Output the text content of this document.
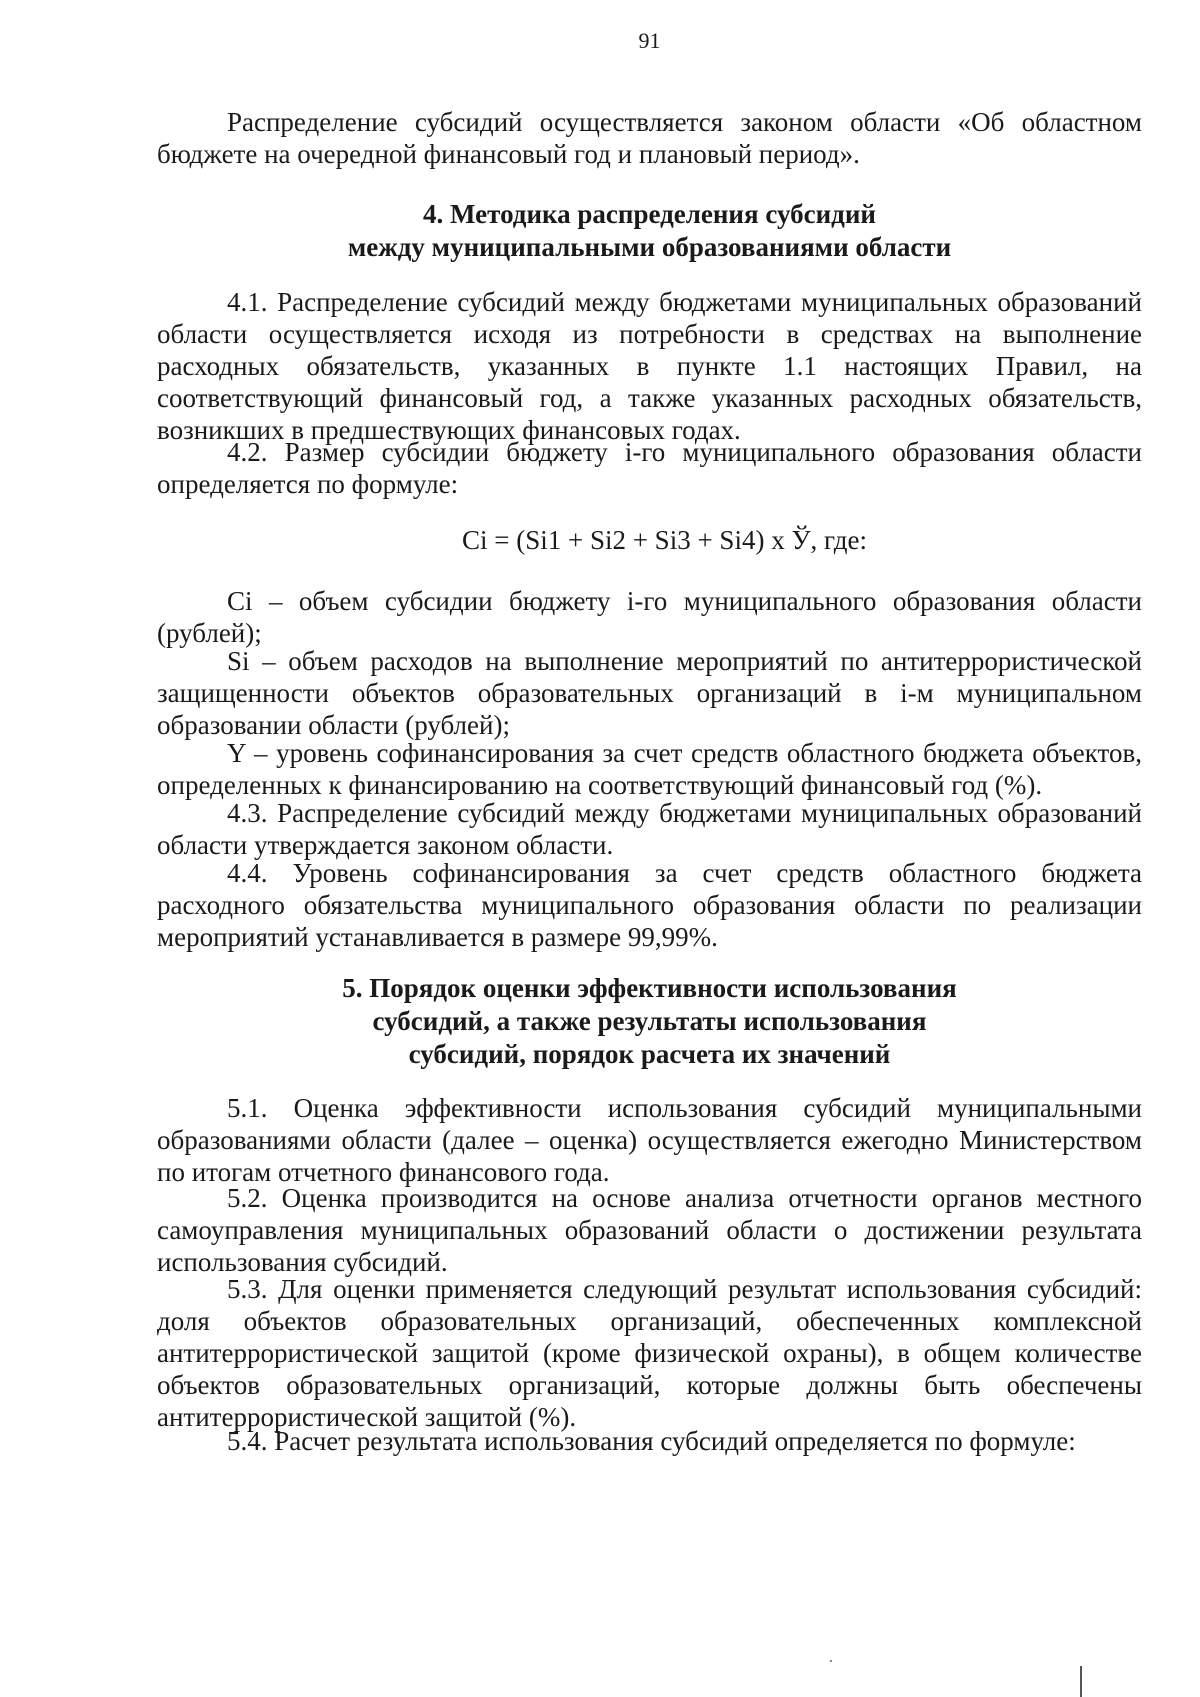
91

Распределение субсидий осуществляется законом области «Об областном бюджете на очередной финансовый год и плановый период».

4. Методика распределения субсидий
между муниципальными образованиями области

4.1. Распределение субсидий между бюджетами муниципальных образований области осуществляется исходя из потребности в средствах на выполнение расходных обязательств, указанных в пункте 1.1 настоящих Правил, на соответствующий финансовый год, а также указанных расходных обязательств, возникших в предшествующих финансовых годах.

4.2. Размер субсидии бюджету i-го муниципального образования области определяется по формуле:

Ci = (Si1 + Si2 + Si3 + Si4) x Ў, где:

Ci – объем субсидии бюджету i-го муниципального образования области (рублей);

Si – объем расходов на выполнение мероприятий по антитеррористической защищенности объектов образовательных организаций в i-м муниципальном образовании области (рублей);

Y – уровень софинансирования за счет средств областного бюджета объектов, определенных к финансированию на соответствующий финансовый год (%).

4.3. Распределение субсидий между бюджетами муниципальных образований области утверждается законом области.

4.4. Уровень софинансирования за счет средств областного бюджета расходного обязательства муниципального образования области по реализации мероприятий устанавливается в размере 99,99%.

5. Порядок оценки эффективности использования
субсидий, а также результаты использования
субсидий, порядок расчета их значений

5.1. Оценка эффективности использования субсидий муниципальными образованиями области (далее – оценка) осуществляется ежегодно Министерством по итогам отчетного финансового года.

5.2. Оценка производится на основе анализа отчетности органов местного самоуправления муниципальных образований области о достижении результата использования субсидий.

5.3. Для оценки применяется следующий результат использования субсидий: доля объектов образовательных организаций, обеспеченных комплексной антитеррористической защитой (кроме физической охраны), в общем количестве объектов образовательных организаций, которые должны быть обеспечены антитеррористической защитой (%).

5.4. Расчет результата использования субсидий определяется по формуле:
